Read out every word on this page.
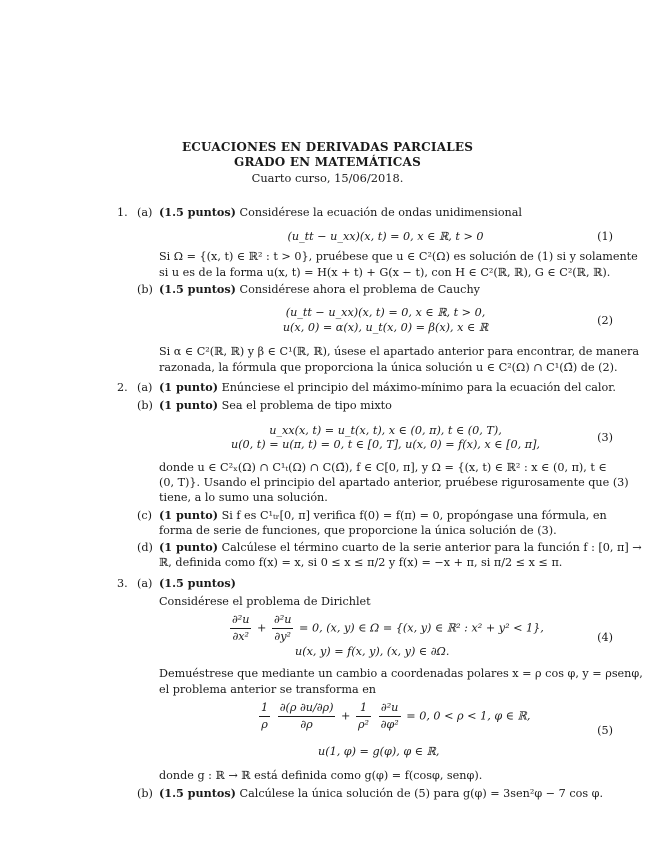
ECUACIONES EN DERIVADAS PARCIALES
GRADO EN MATEMÁTICAS
Cuarto curso, 15/06/2018.
1. (a) (1.5 puntos) Considérese la ecuación de ondas unidimensional
(u_tt − u_xx)(x, t) = 0, x ∈ ℝ, t > 0	(1)
Si Ω = {(x, t) ∈ ℝ² : t > 0}, pruébese que u ∈ C²(Ω) es solución de (1) si y solamente
si u es de la forma u(x, t) = H(x + t) + G(x − t), con H ∈ C²(ℝ, ℝ), G ∈ C²(ℝ, ℝ).
(b) (1.5 puntos) Considérese ahora el problema de Cauchy
(u_tt − u_xx)(x, t) = 0, x ∈ ℝ, t > 0,
u(x, 0) = α(x), u_t(x, 0) = β(x), x ∈ ℝ
(2)
Si α ∈ C²(ℝ, ℝ) y β ∈ C¹(ℝ, ℝ), úsese el apartado anterior para encontrar, de manera
razonada, la fórmula que proporciona la única solución u ∈ C²(Ω) ∩ C¹(Ω̄) de (2).
2. (a) (1 punto) Enúnciese el principio del máximo-mínimo para la ecuación del calor.
(b) (1 punto) Sea el problema de tipo mixto
u_xx(x, t) = u_t(x, t), x ∈ (0, π), t ∈ (0, T),
u(0, t) = u(π, t) = 0, t ∈ [0, T], u(x, 0) = f(x), x ∈ [0, π],
(3)
donde u ∈ C²ₓ(Ω) ∩ C¹ₜ(Ω) ∩ C(Ω̄), f ∈ C[0, π], y Ω = {(x, t) ∈ ℝ² : x ∈ (0, π), t ∈
(0, T)}. Usando el principio del apartado anterior, pruébese rigurosamente que (3)
tiene, a lo sumo una solución.
(c) (1 punto) Si f es C¹ₜᵣ[0, π] verifica f(0) = f(π) = 0, propóngase una fórmula, en
forma de serie de funciones, que proporcione la única solución de (3).
(d) (1 punto) Calcúlese el término cuarto de la serie anterior para la función f : [0, π] →
ℝ, definida como f(x) = x, si 0 ≤ x ≤ π/2 y f(x) = −x + π, si π/2 ≤ x ≤ π.
3. (a) (1.5 puntos)
Considérese el problema de Dirichlet
$\frac{\text{∂²u}}{\text{∂x²}} + \frac{\text{∂²u}}{\text{∂y²}} = 0$, (x, y) ∈ Ω = {(x, y) ∈ ℝ² : x² + y² < 1},
u(x, y) = f(x, y), (x, y) ∈ ∂Ω.
(4)
Demuéstrese que mediante un cambio a coordenadas polares x = ρ cos φ, y = ρsenφ,
el problema anterior se transforma en
$\frac{1}{\rho}$
$\frac{\partial(\rho \partial u/\partial\rho)}{\partial\rho} + \frac{1}{\text{ρ²}}$
$\frac{\text{∂²u}}{\text{∂φ²}} = 0$, 0 < ρ < 1, φ ∈ ℝ,
u(1, φ) = g(φ), φ ∈ ℝ,
(5)
donde g : ℝ → ℝ está definida como g(φ) = f(cosφ, senφ).
(b) (1.5 puntos) Calcúlese la única solución de (5) para g(φ) = 3sen²φ − 7 cos φ.
